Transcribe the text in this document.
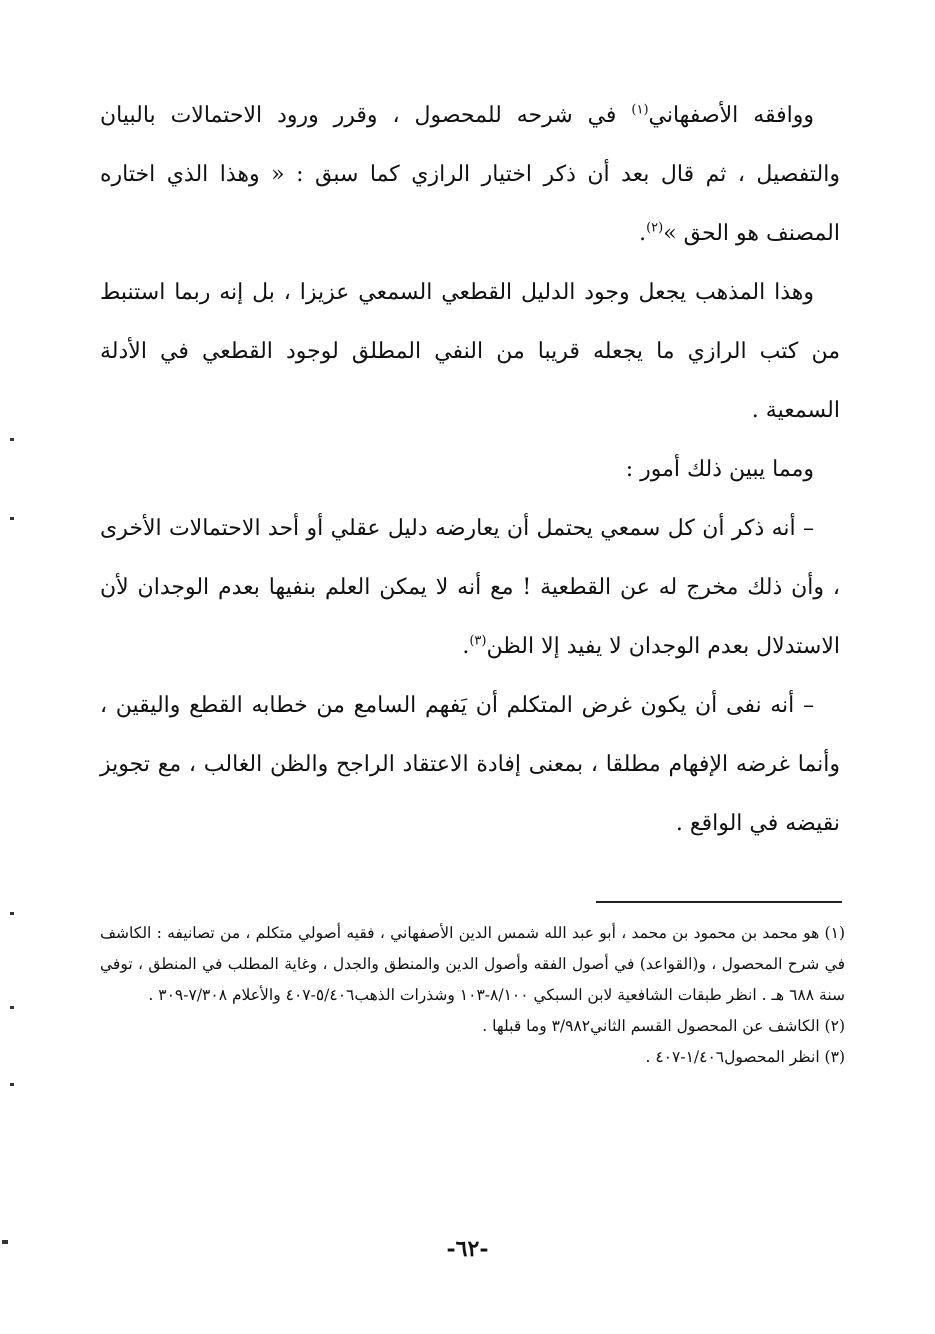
ووافقه الأصفهاني$^{(١)}$ في شرحه للمحصول ، وقرر ورود الاحتمالات بالبيان والتفصيل ، ثم قال بعد أن ذكر اختيار الرازي كما سبق : « وهذا الذي اختاره المصنف هو الحق »$^{(٢)}$.

وهذا المذهب يجعل وجود الدليل القطعي السمعي عزيزا ، بل إنه ربما استنبط من كتب الرازي ما يجعله قريبا من النفي المطلق لوجود القطعي في الأدلة السمعية .

ومما يبين ذلك أمور :

– أنه ذكر أن كل سمعي يحتمل أن يعارضه دليل عقلي أو أحد الاحتمالات الأخرى ، وأن ذلك مخرج له عن القطعية ! مع أنه لا يمكن العلم بنفيها بعدم الوجدان لأن الاستدلال بعدم الوجدان لا يفيد إلا الظن$^{(٣)}$.

– أنه نفى أن يكون غرض المتكلم أن يَفهم السامع من خطابه القطع واليقين ، وأنما غرضه الإفهام مطلقا ، بمعنى إفادة الاعتقاد الراجح والظن الغالب ، مع تجويز نقيضه في الواقع .

(١) هو محمد بن محمود بن محمد ، أبو عبد الله شمس الدين الأصفهاني ، فقيه أصولي متكلم ، من تصانيفه : الكاشف في شرح المحصول ، و(القواعد) في أصول الفقه وأصول الدين والمنطق والجدل ، وغاية المطلب في المنطق ، توفي سنة ٦٨٨ هـ . انظر طبقات الشافعية لابن السبكي ٨/١٠٠-١٠٣ وشذرات الذهب٥/٤٠٦-٤٠٧ والأعلام ٧/٣٠٨-٣٠٩ .

(٢) الكاشف عن المحصول القسم الثاني٣/٩٨٢ وما قبلها .

(٣) انظر المحصول١/٤٠٦-٤٠٧ .

-٦٢-
